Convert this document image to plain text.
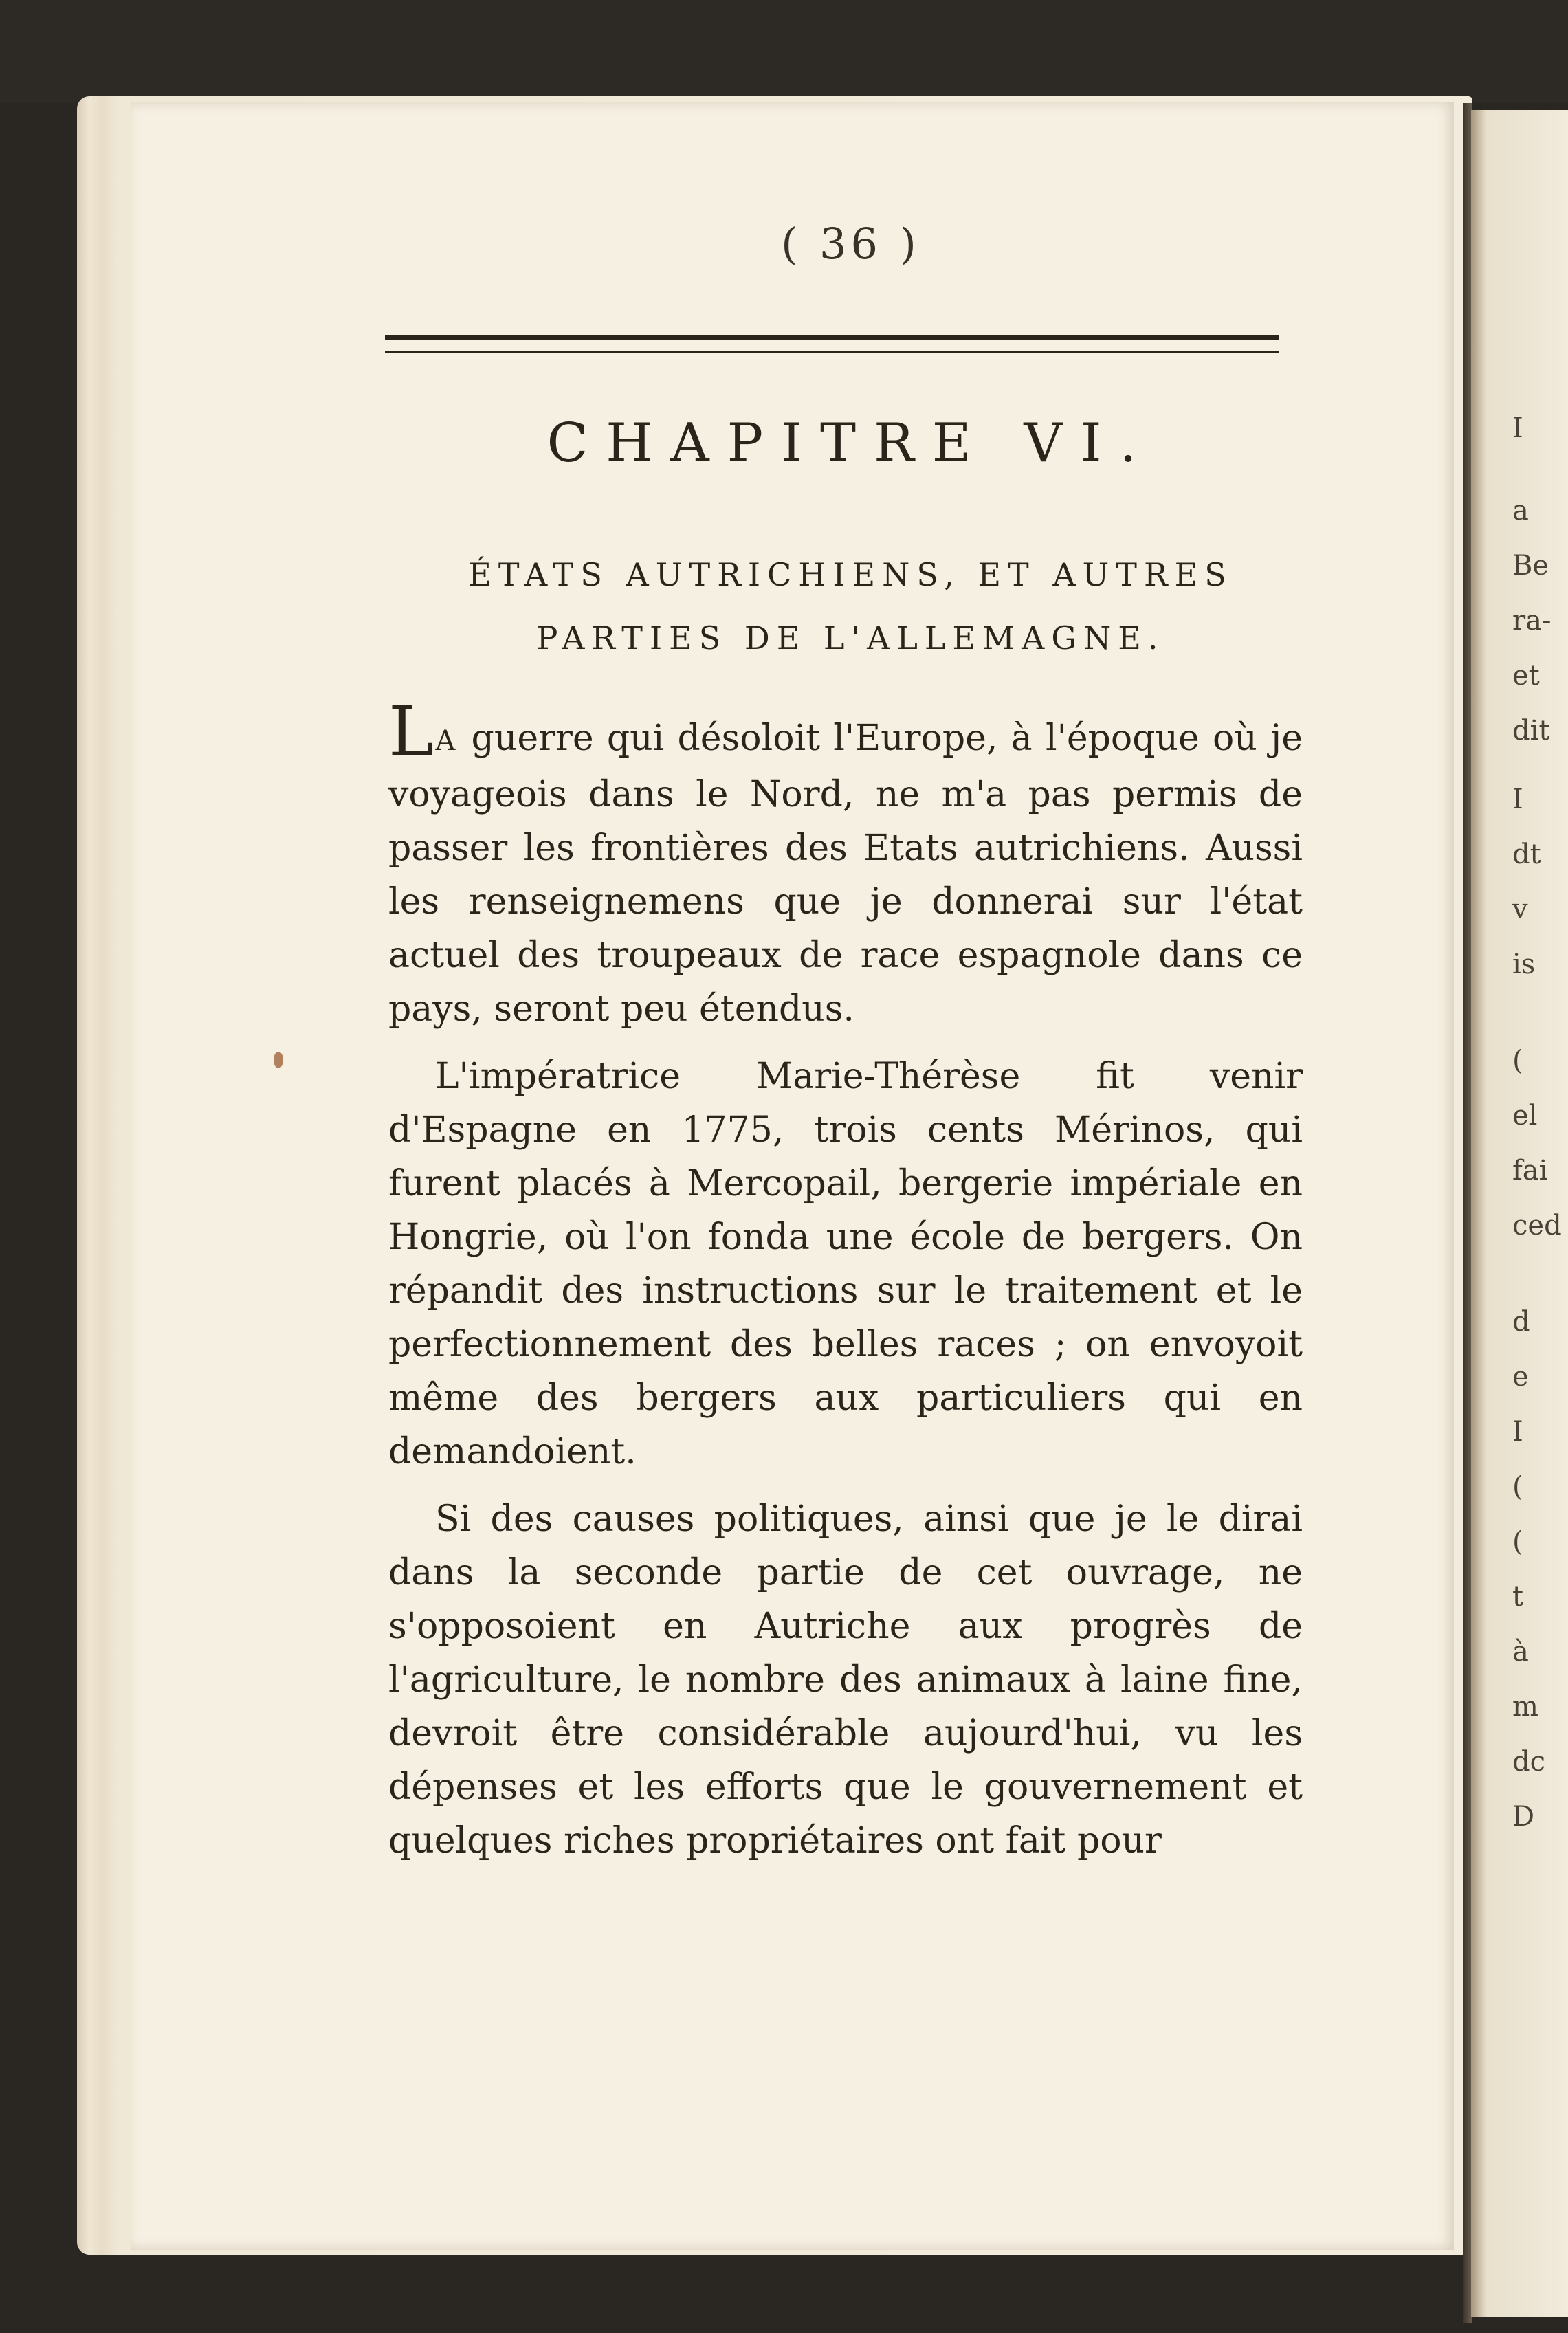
I
a
Be
ra-
et
dit
I
dt
v
is
(
el
fai
ced
d
e
I
(
(
t
à
m
dc
D
( 36 )
CHAPITRE VI.
ÉTATS AUTRICHIENS, ET AUTRES
PARTIES DE L'ALLEMAGNE.

LA guerre qui désoloit l'Europe, à l'époque où je voyageois dans le Nord, ne m'a pas permis de passer les frontières des Etats autrichiens. Aussi les renseignemens que je donnerai sur l'état actuel des troupeaux de race espagnole dans ce pays, seront peu étendus.

L'impératrice Marie-Thérèse fit venir d'Espagne en 1775, trois cents Mérinos, qui furent placés à Mercopail, bergerie impériale en Hongrie, où l'on fonda une école de bergers. On répandit des instructions sur le traitement et le perfectionnement des belles races ; on envoyoit même des bergers aux particuliers qui en demandoient.

Si des causes politiques, ainsi que je le dirai dans la seconde partie de cet ouvrage, ne s'opposoient en Autriche aux progrès de l'agriculture, le nombre des animaux à laine fine, devroit être considérable aujourd'hui, vu les dépenses et les efforts que le gouvernement et quelques riches propriétaires ont fait pour
